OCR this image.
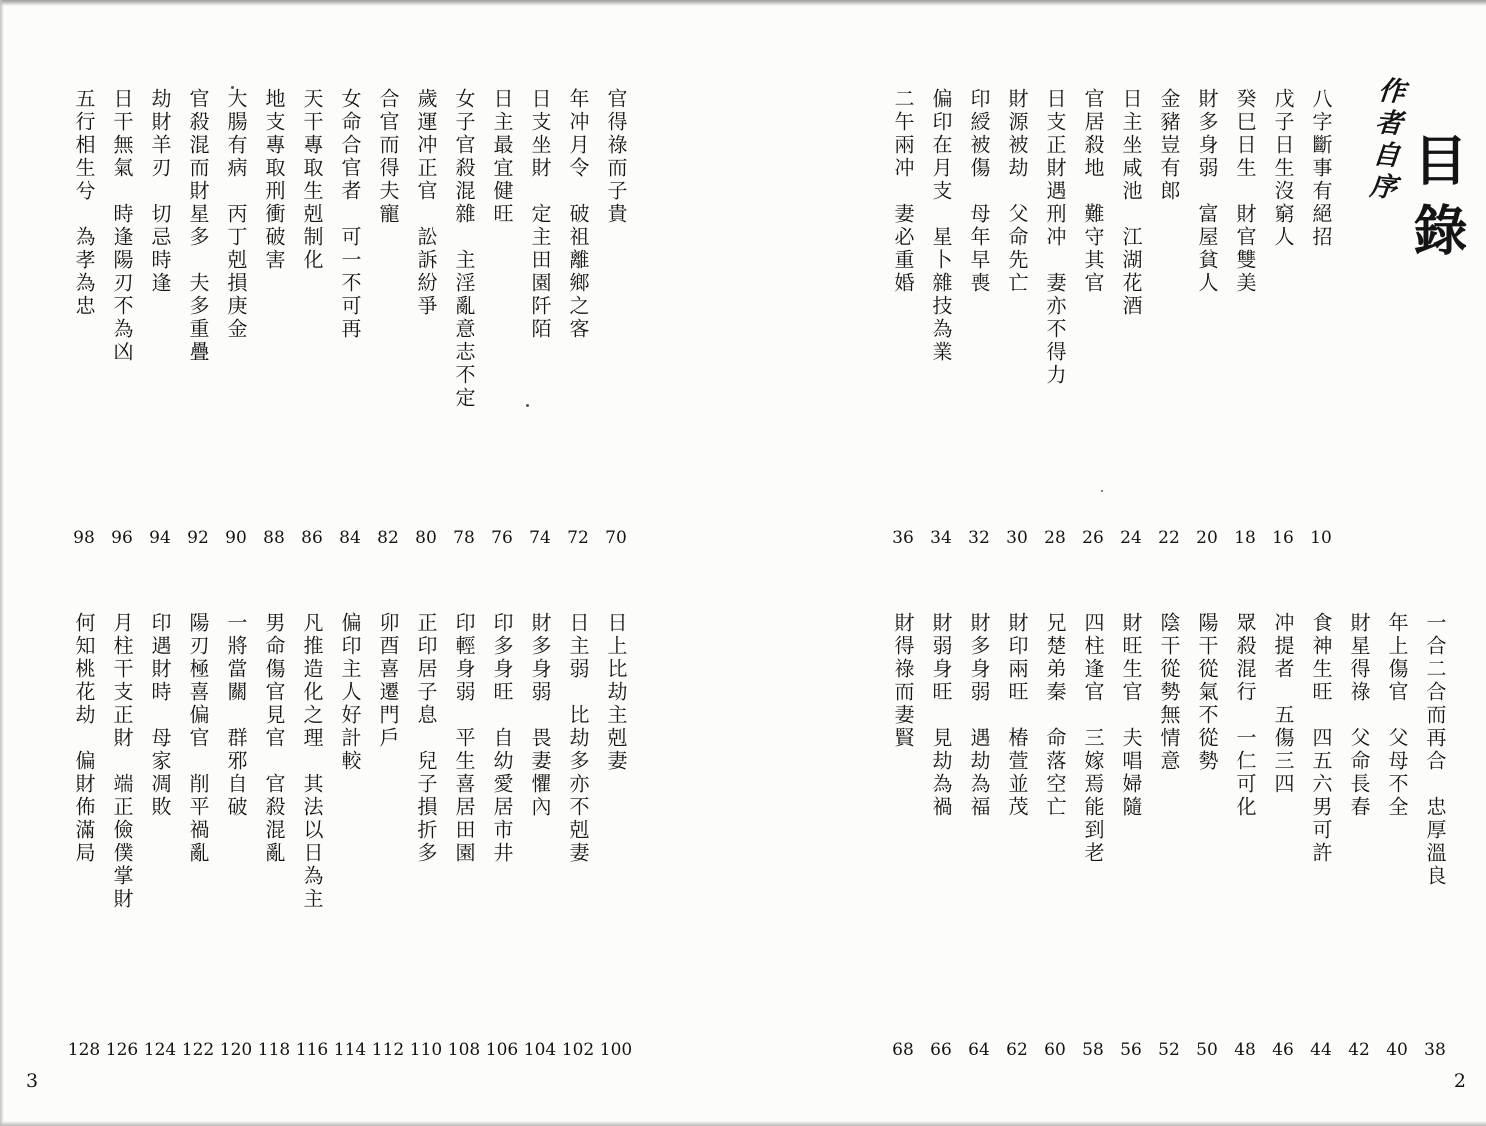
目錄
作者自序
八字斷事有絕招
10
戊子日生沒窮人
16
癸巳日生　財官雙美
18
財多身弱　富屋貧人
20
金豬豈有郎
22
日主坐咸池　江湖花酒
24
官居殺地　難守其官
26
日支正財遇刑冲　妻亦不得力
28
財源被劫　父命先亡
30
印綬被傷　母年早喪
32
偏印在月支　星卜雜技為業
34
二午兩冲　妻必重婚
36
一合二合而再合　忠厚溫良
38
年上傷官　父母不全
40
財星得祿　父命長春
42
食神生旺　四五六男可許
44
冲提者　五傷三四
46
眾殺混行　一仁可化
48
陽干從氣不從勢
50
陰干從勢無情意
52
財旺生官　夫唱婦隨
56
四柱逢官　三嫁焉能到老
58
兄楚弟秦　命落空亡
60
財印兩旺　椿萱並茂
62
財多身弱　遇劫為福
64
財弱身旺　見劫為禍
66
財得祿而妻賢
68
官得祿而子貴
70
年冲月令　破祖離鄉之客
72
日支坐財　定主田園阡陌
74
日主最宜健旺
76
女子官殺混雜　主淫亂意志不定
78
歲運冲正官　訟訴紛爭
80
合官而得夫寵
82
女命合官者　可一不可再
84
天干專取生剋制化
86
地支專取刑衝破害
88
大腸有病　丙丁剋損庚金
90
官殺混而財星多　夫多重疊
92
劫財羊刃　切忌時逢
94
日干無氣　時逢陽刃不為凶
96
五行相生兮　為孝為忠
98
日上比劫主剋妻
100
日主弱　比劫多亦不剋妻
102
財多身弱　畏妻懼內
104
印多身旺　自幼愛居市井
106
印輕身弱　平生喜居田園
108
正印居子息　兒子損折多
110
卯酉喜遷門戶
112
偏印主人好計較
114
凡推造化之理　其法以日為主
116
男命傷官見官　官殺混亂
118
一將當關　群邪自破
120
陽刃極喜偏官　削平禍亂
122
印遇財時　母家凋敗
124
月柱干支正財　端正儉僕掌財
126
何知桃花劫　偏財佈滿局
128
3	2
